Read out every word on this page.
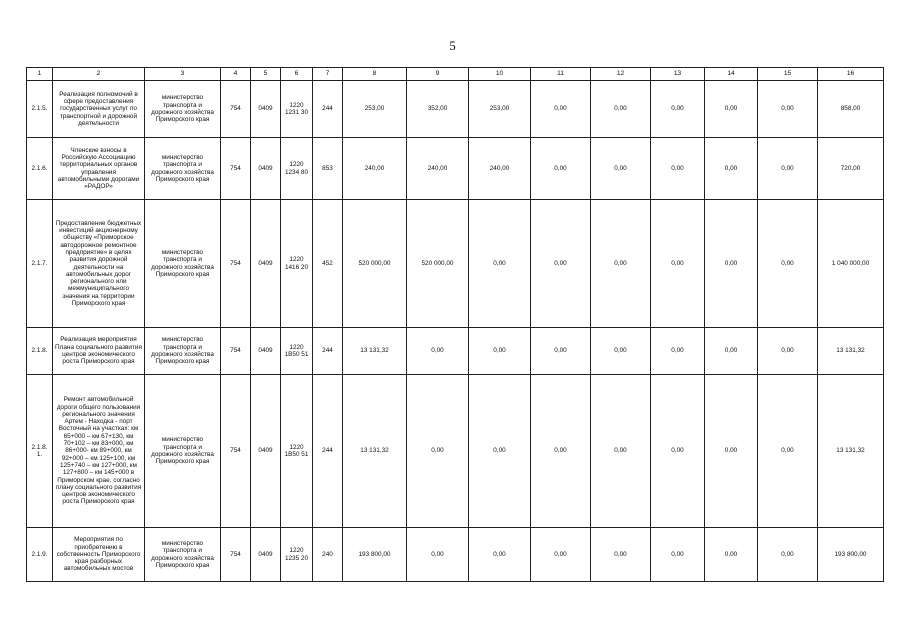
5
1	2	3	4	5	6	7	8	9	10	11	12	13	14	15	16
2.1.5.	Реализация полномочий в сфере предоставления государственных услуг по транспортной и дорожной деятельности	министерство транспорта и дорожного хозяйства Приморского края	754	0409	1220 1231 30	244	253,00	352,00	253,00	0,00	0,00	0,00	0,00	0,00	858,00
2.1.6.	Членские взносы в Российскую Ассоциацию территориальных органов управления автомобильными дорогами «РАДОР»	министерство транспорта и дорожного хозяйства Приморского края	754	0409	1220 1234 80	853	240,00	240,00	240,00	0,00	0,00	0,00	0,00	0,00	720,00
2.1.7.	Предоставление бюджетных инвестиций акционерному обществу «Приморское автодорожное ремонтное предприятие» в целях развития дорожной деятельности на автомобильных дорог регионального или межмуниципального значения на территории Приморского края	министерство транспорта и дорожного хозяйства Приморского края	754	0409	1220 1416 20	452	520 000,00	520 000,00	0,00	0,00	0,00	0,00	0,00	0,00	1 040 000,00
2.1.8.	Реализация мероприятия Плана социального развития центров экономического роста Приморского края	министерство транспорта и дорожного хозяйства Приморского края	754	0409	1220 1В50 51	244	13 131,32	0,00	0,00	0,00	0,00	0,00	0,00	0,00	13 131,32
2.1.8. 1.	Ремонт автомобильной дороги общего пользования регионального значения Артем - Находка - порт Восточный на участках: км 65+000 – км 67+130, км 70+102 – км 83+000, км 86+000- км 89+000, км 92+000 – км 125+100, км 125+740 – км 127+000, км 127+800 – км 145+000 в Приморском крае, согласно плану социального развития центров экономического роста Приморского края	министерство транспорта и дорожного хозяйства Приморского края	754	0409	1220 1В50 51	244	13 131,32	0,00	0,00	0,00	0,00	0,00	0,00	0,00	13 131,32
2.1.9.	Мероприятия по приобретению в собственность Приморского края разборных автомобильных мостов	министерство транспорта и дорожного хозяйства Приморского края	754	0409	1220 1235 20	240	193 800,00	0,00	0,00	0,00	0,00	0,00	0,00	0,00	193 800,00
